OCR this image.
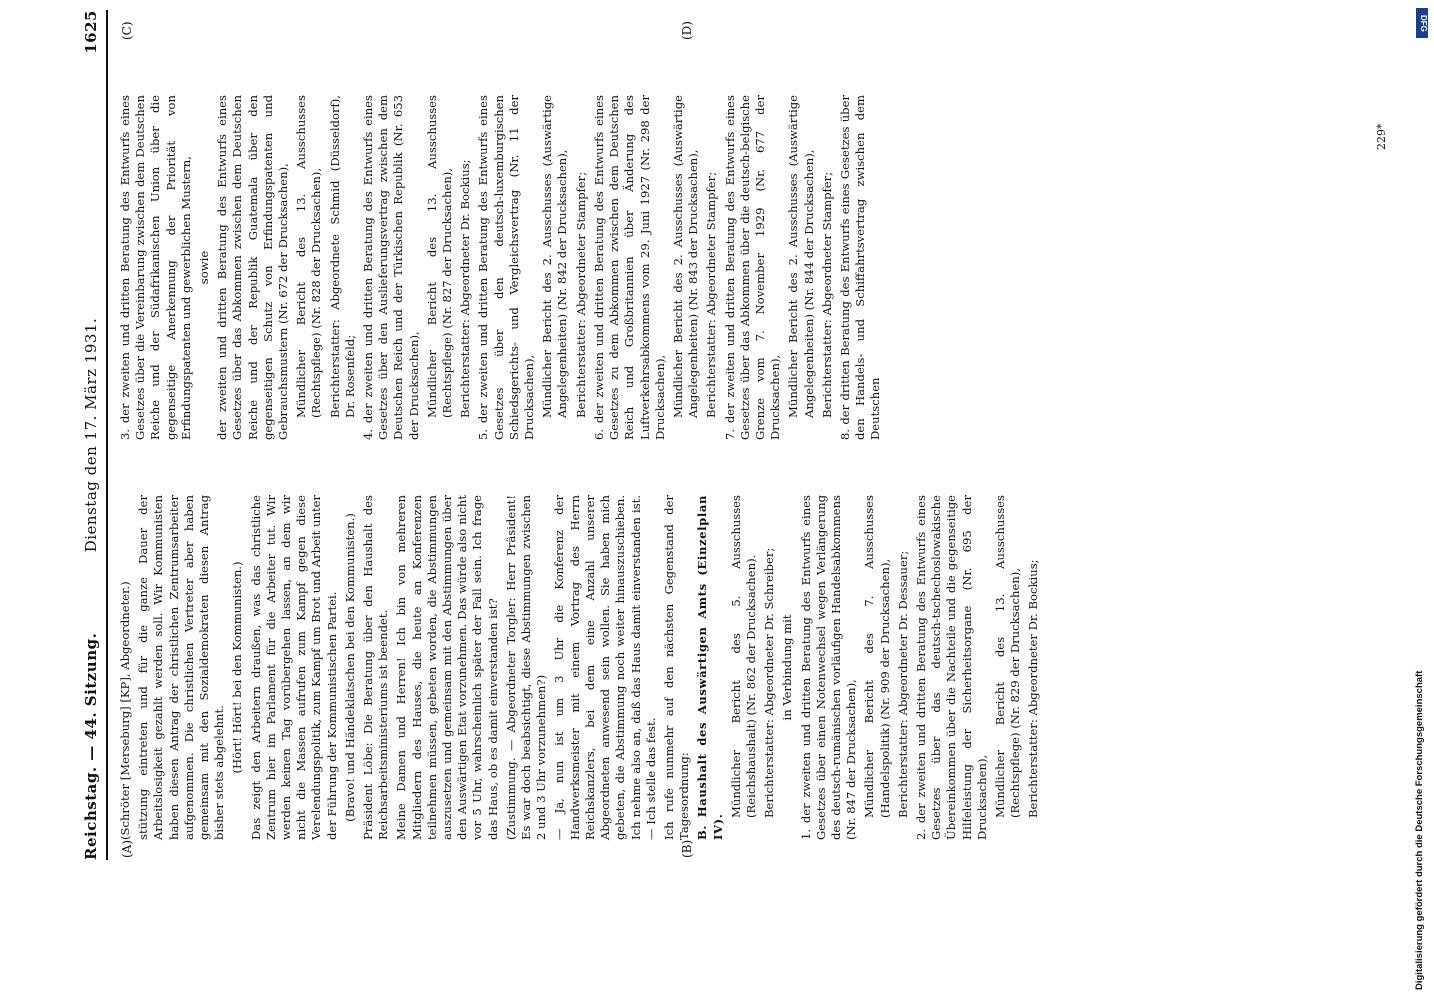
Reichstag. — 44. Sitzung.
Dienstag den 17. März 1931.
1625
(A)	(B)
(C)	(D)

(Schröter [Merseburg] [KP], Abgeordneter.) stützung eintreten und für die ganze Dauer der Arbeitslosigkeit gezahlt werden soll. Wir Kommunisten haben diesen Antrag der christlichen Zentrumsarbeiter aufgenommen. Die christlichen Vertreter aber haben gemeinsam mit den Sozialdemokraten diesen Antrag bisher stets abgelehnt. (Hört! Hört! bei den Kommunisten.) Das zeigt den Arbeitern draußen, was das christliche Zentrum hier im Parlament für die Arbeiter tut. Wir werden keinen Tag vorübergehen lassen, an dem wir nicht die Massen aufrufen zum Kampf gegen diese Verelendungspolitik, zum Kampf um Brot und Arbeit unter der Führung der Kommunistischen Partei. (Bravo! und Händeklatschen bei den Kommunisten.) Präsident Löbe: Die Beratung über den Haushalt des Reichsarbeitsministeriums ist beendet. Meine Damen und Herren! Ich bin von mehreren Mitgliedern des Hauses, die heute an Konferenzen teilnehmen müssen, gebeten worden, die Abstimmungen auszusetzen und gemeinsam mit den Abstimmungen über den Auswärtigen Etat vorzunehmen. Das würde also nicht vor 5 Uhr, wahrscheinlich später der Fall sein. Ich frage das Haus, ob es damit einverstanden ist? (Zustimmung. — Abgeordneter Torgler: Herr Präsident! Es war doch beabsichtigt, diese Abstimmungen zwischen 2 und 3 Uhr vorzunehmen?) — Ja, nun ist um 3 Uhr die Konferenz der Handwerksmeister mit einem Vortrag des Herrn Reichskanzlers, bei dem eine Anzahl unserer Abgeordneten anwesend sein wollen. Sie haben mich gebeten, die Abstimmung noch weiter hinauszuschieben. Ich nehme also an, daß das Haus damit einverstanden ist. — Ich stelle das fest. Ich rufe nunmehr auf den nächsten Gegenstand der Tagesordnung: B. Haushalt des Auswärtigen Amts (Einzelplan IV).

Mündlicher Bericht des 5. Ausschusses (Reichshaushalt) (Nr. 862 der Drucksachen). Berichterstatter: Abgeordneter Dr. Schreiber; in Verbindung mit 1. der zweiten und dritten Beratung des Entwurfs eines Gesetzes über einen Notenwechsel wegen Verlängerung des deutsch-rumänischen vorläufigen Handelsabkommens (Nr. 847 der Drucksachen), Mündlicher Bericht des 7. Ausschusses (Handelspolitik) (Nr. 909 der Drucksachen), Berichterstatter: Abgeordneter Dr. Dessauer; 2. der zweiten und dritten Beratung des Entwurfs eines Gesetzes über das deutsch-tschechoslowakische Übereinkommen über die Nachteile und die gegenseitige Hilfeleistung der Sicherheitsorgane (Nr. 695 der Drucksachen), Mündlicher Bericht des 13. Ausschusses (Rechtspflege) (Nr. 829 der Drucksachen), Berichterstatter: Abgeordneter Dr. Bockius;

3. der zweiten und dritten Beratung des Entwurfs eines Gesetzes über die Vereinbarung zwischen dem Deutschen Reiche und der Südafrikanischen Union über die gegenseitige Anerkennung der Priorität von Erfindungspatenten und gewerblichen Mustern, sowie der zweiten und dritten Beratung des Entwurfs eines Gesetzes über das Abkommen zwischen dem Deutschen Reiche und der Republik Guatemala über den gegenseitigen Schutz von Erfindungspatenten und Gebrauchsmustern (Nr. 672 der Drucksachen), Mündlicher Bericht des 13. Ausschusses (Rechtspflege) (Nr. 828 der Drucksachen), Berichterstatter: Abgeordnete Schmid (Düsseldorf), Dr. Rosenfeld; 4. der zweiten und dritten Beratung des Entwurfs eines Gesetzes über den Auslieferungsvertrag zwischen dem Deutschen Reich und der Türkischen Republik (Nr. 653 der Drucksachen), Mündlicher Bericht des 13. Ausschusses (Rechtspflege) (Nr. 827 der Drucksachen), Berichterstatter: Abgeordneter Dr. Bockius; 5. der zweiten und dritten Beratung des Entwurfs eines Gesetzes über den deutsch-luxemburgischen Schiedsgerichts- und Vergleichsvertrag (Nr. 11 der Drucksachen), Mündlicher Bericht des 2. Ausschusses (Auswärtige Angelegenheiten) (Nr. 842 der Drucksachen), Berichterstatter: Abgeordneter Stampfer; 6. der zweiten und dritten Beratung des Entwurfs eines Gesetzes zu dem Abkommen zwischen dem Deutschen Reich und Großbritannien über Änderung des Luftverkehrsabkommens vom 29. Juni 1927 (Nr. 298 der Drucksachen), Mündlicher Bericht des 2. Ausschusses (Auswärtige Angelegenheiten) (Nr. 843 der Drucksachen), Berichterstatter: Abgeordneter Stampfer; 7. der zweiten und dritten Beratung des Entwurfs eines Gesetzes über das Abkommen über die deutsch-belgische Grenze vom 7. November 1929 (Nr. 677 der Drucksachen), Mündlicher Bericht des 2. Ausschusses (Auswärtige Angelegenheiten) (Nr. 844 der Drucksachen), Berichterstatter: Abgeordneter Stampfer; 8. der dritten Beratung des Entwurfs eines Gesetzes über den Handels- und Schiffahrtsvertrag zwischen dem Deutschen

229*
Digitalisierung gefördert durch die Deutsche Forschungsgemeinschaft
DFG
